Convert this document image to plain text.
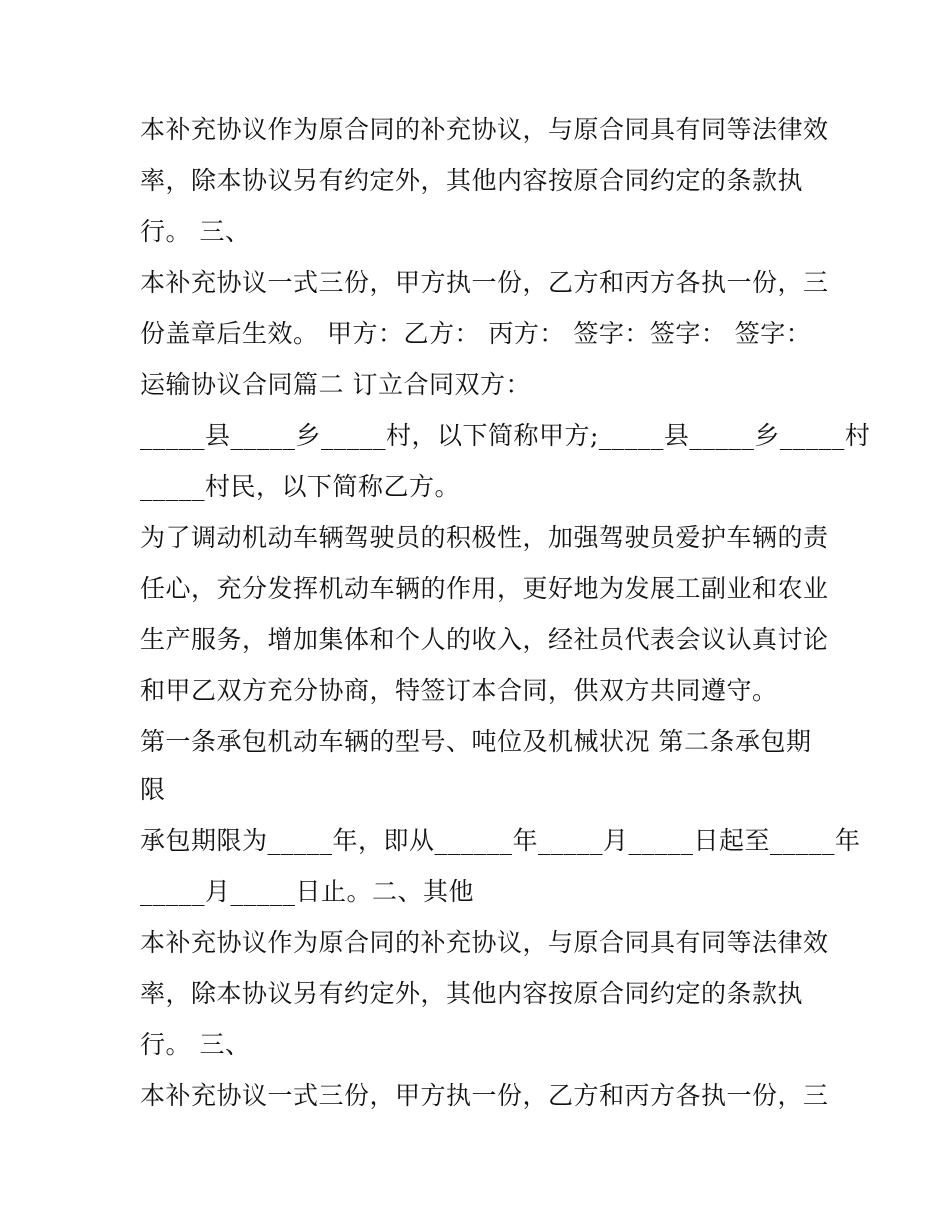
本补充协议作为原合同的补充协议，与原合同具有同等法律效
率，除本协议另有约定外，其他内容按原合同约定的条款执
行。 三、
本补充协议一式三份，甲方执一份，乙方和丙方各执一份，三
份盖章后生效。 甲方：乙方： 丙方： 签字：签字： 签字：
运输协议合同篇二 订立合同双方：
_____县_____乡_____村，以下简称甲方;_____县_____乡_____村
_____村民，以下简称乙方。
为了调动机动车辆驾驶员的积极性，加强驾驶员爱护车辆的责
任心，充分发挥机动车辆的作用，更好地为发展工副业和农业
生产服务，增加集体和个人的收入，经社员代表会议认真讨论
和甲乙双方充分协商，特签订本合同，供双方共同遵守。
第一条承包机动车辆的型号、吨位及机械状况 第二条承包期
限
承包期限为_____年，即从______年_____月_____日起至_____年
_____月_____日止。二、其他
本补充协议作为原合同的补充协议，与原合同具有同等法律效
率，除本协议另有约定外，其他内容按原合同约定的条款执
行。 三、
本补充协议一式三份，甲方执一份，乙方和丙方各执一份，三
